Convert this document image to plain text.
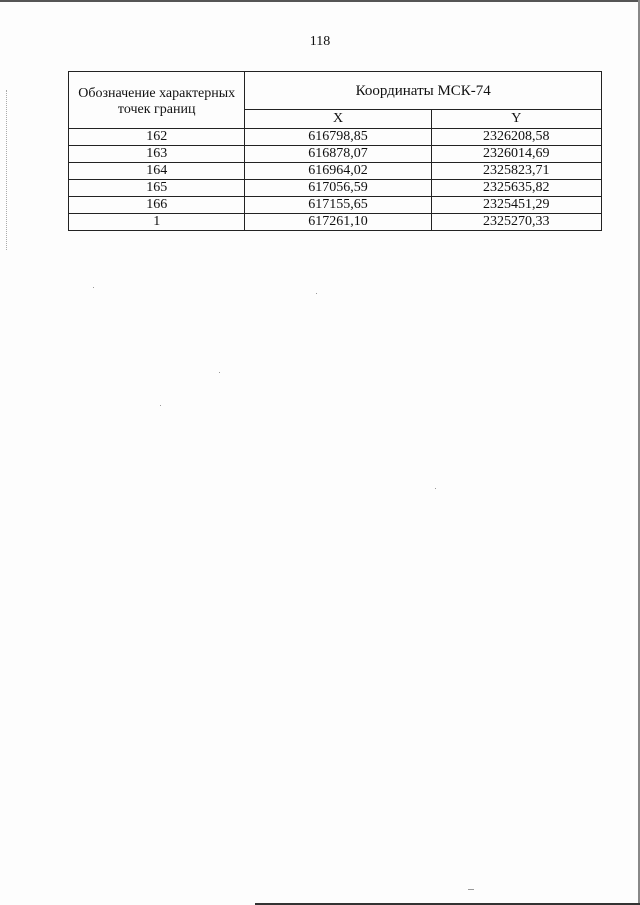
118
Обозначение характерных точек границ	Координаты МСК-74	
	X	Y
162	616798,85	2326208,58
163	616878,07	2326014,69
164	616964,02	2325823,71
165	617056,59	2325635,82
166	617155,65	2325451,29
1	617261,10	2325270,33
